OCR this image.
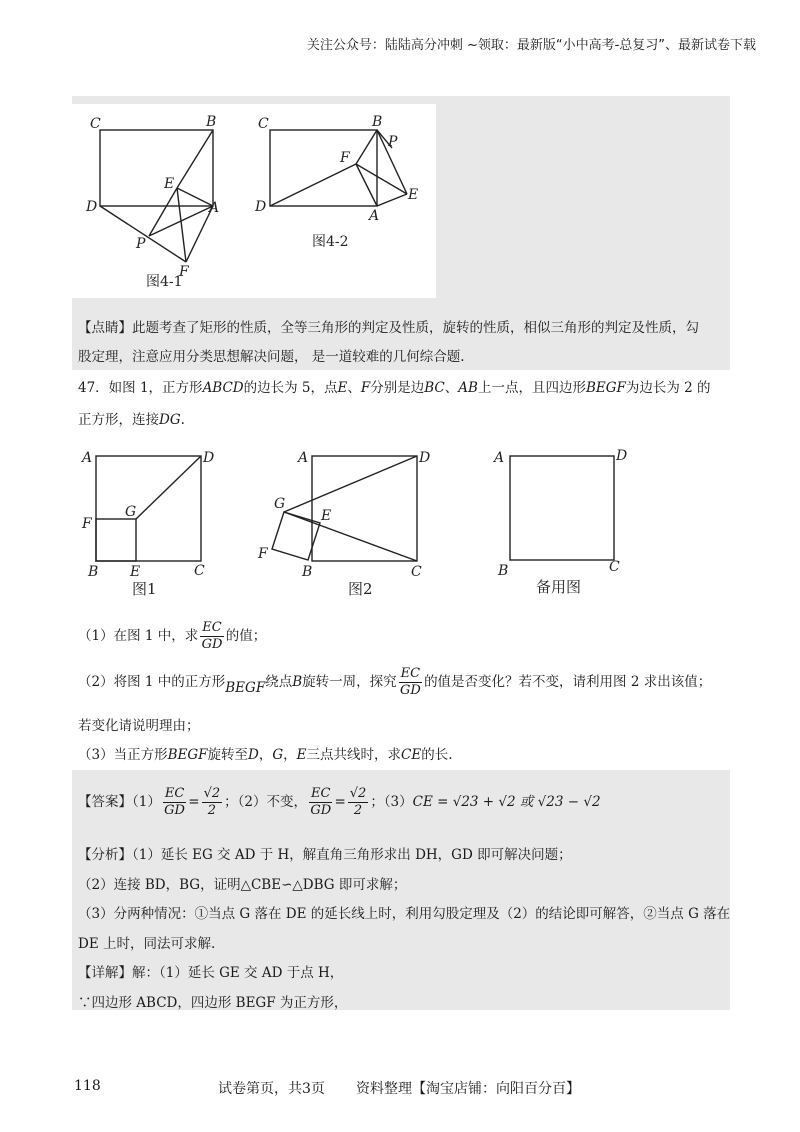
关注公众号：陆陆高分冲刺 ~领取：最新版“小中高考-总复习”、最新试卷下载
C	B
E
D	A
P
F
C	B
P
F
E
D
A
图4-1
图4-2
【点睛】此题考查了矩形的性质，全等三角形的判定及性质，旋转的性质，相似三角形的判定及性质，勾
股定理，注意应用分类思想解决问题， 是一道较难的几何综合题.
47．如图 1，正方形ABCD的边长为 5，点E、F分别是边BC、AB上一点，且四边形BEGF为边长为 2 的
正方形，连接DG.
A	D
G
F
B E	C
A	D
G
E
F
B	C
A	D
B	C
图1	图2	备用图
（1）在图 1 中，求 $\frac{EC}{GD}$ 的值；
（2）将图 1 中的正方形BEGF绕点B旋转一周，探究 $\frac{EC}{GD}$ 的值是否变化？若不变，请利用图 2 求出该值；
若变化请说明理由；
（3）当正方形BEGF旋转至D，G，E三点共线时，求CE的长.
【答案】$(1) \frac{EC}{GD} = \frac{√2}{2}$ ；（2）不变， $\frac{EC}{GD} = \frac{√2}{2}$ ；（3）CE = √23 + √2 或 √23 − √2
【分析】（1）延长 EG 交 AD 于 H，解直角三角形求出 DH，GD 即可解决问题；
（2）连接 BD，BG，证明△CBE∽△DBG 即可求解；
（3）分两种情况：①当点 G 落在 DE 的延长线上时，利用勾股定理及（2）的结论即可解答，②当点 G 落在
DE 上时，同法可求解.
【详解】解：（1）延长 GE 交 AD 于点 H，
∵四边形 ABCD，四边形 BEGF 为正方形，
118	试卷第页，共3页 资料整理【淘宝店铺：向阳百分百】
